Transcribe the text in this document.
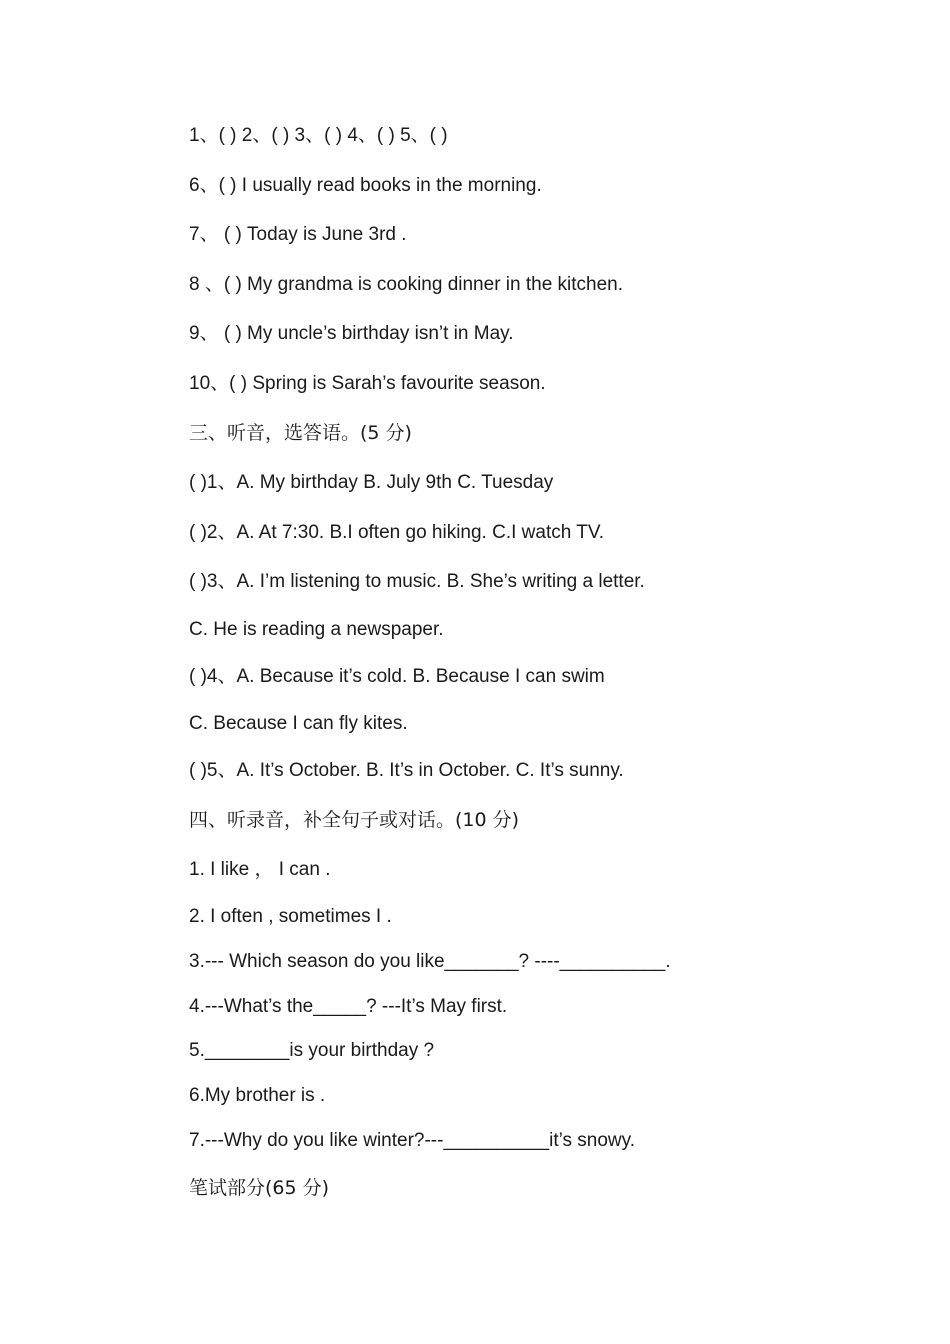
1、( ) 2、( ) 3、( ) 4、( ) 5、( )
6、( ) I usually read books in the morning.
7、 ( ) Today is June 3rd .
8 、( ) My grandma is cooking dinner in the kitchen.
9、 ( ) My uncle’s birthday isn’t in May.
10、( ) Spring is Sarah’s favourite season.
三、听音，选答语。(5 分)
( )1、A. My birthday B. July 9th C. Tuesday
( )2、A. At 7:30. B.I often go hiking. C.I watch TV.
( )3、A. I’m listening to music. B. She’s writing a letter.
C. He is reading a newspaper.
( )4、A. Because it’s cold. B. Because I can swim
C. Because I can fly kites.
( )5、A. It’s October. B. It’s in October. C. It’s sunny.
四、听录音，补全句子或对话。(10 分)
1. I like ， I can .
2. I often , sometimes I .
3.--- Which season do you like_______? ----__________.
4.---What’s the_____? ---It’s May first.
5.________is your birthday ?
6.My brother is .
7.---Why do you like winter?---__________it’s snowy.
笔试部分(65 分)
